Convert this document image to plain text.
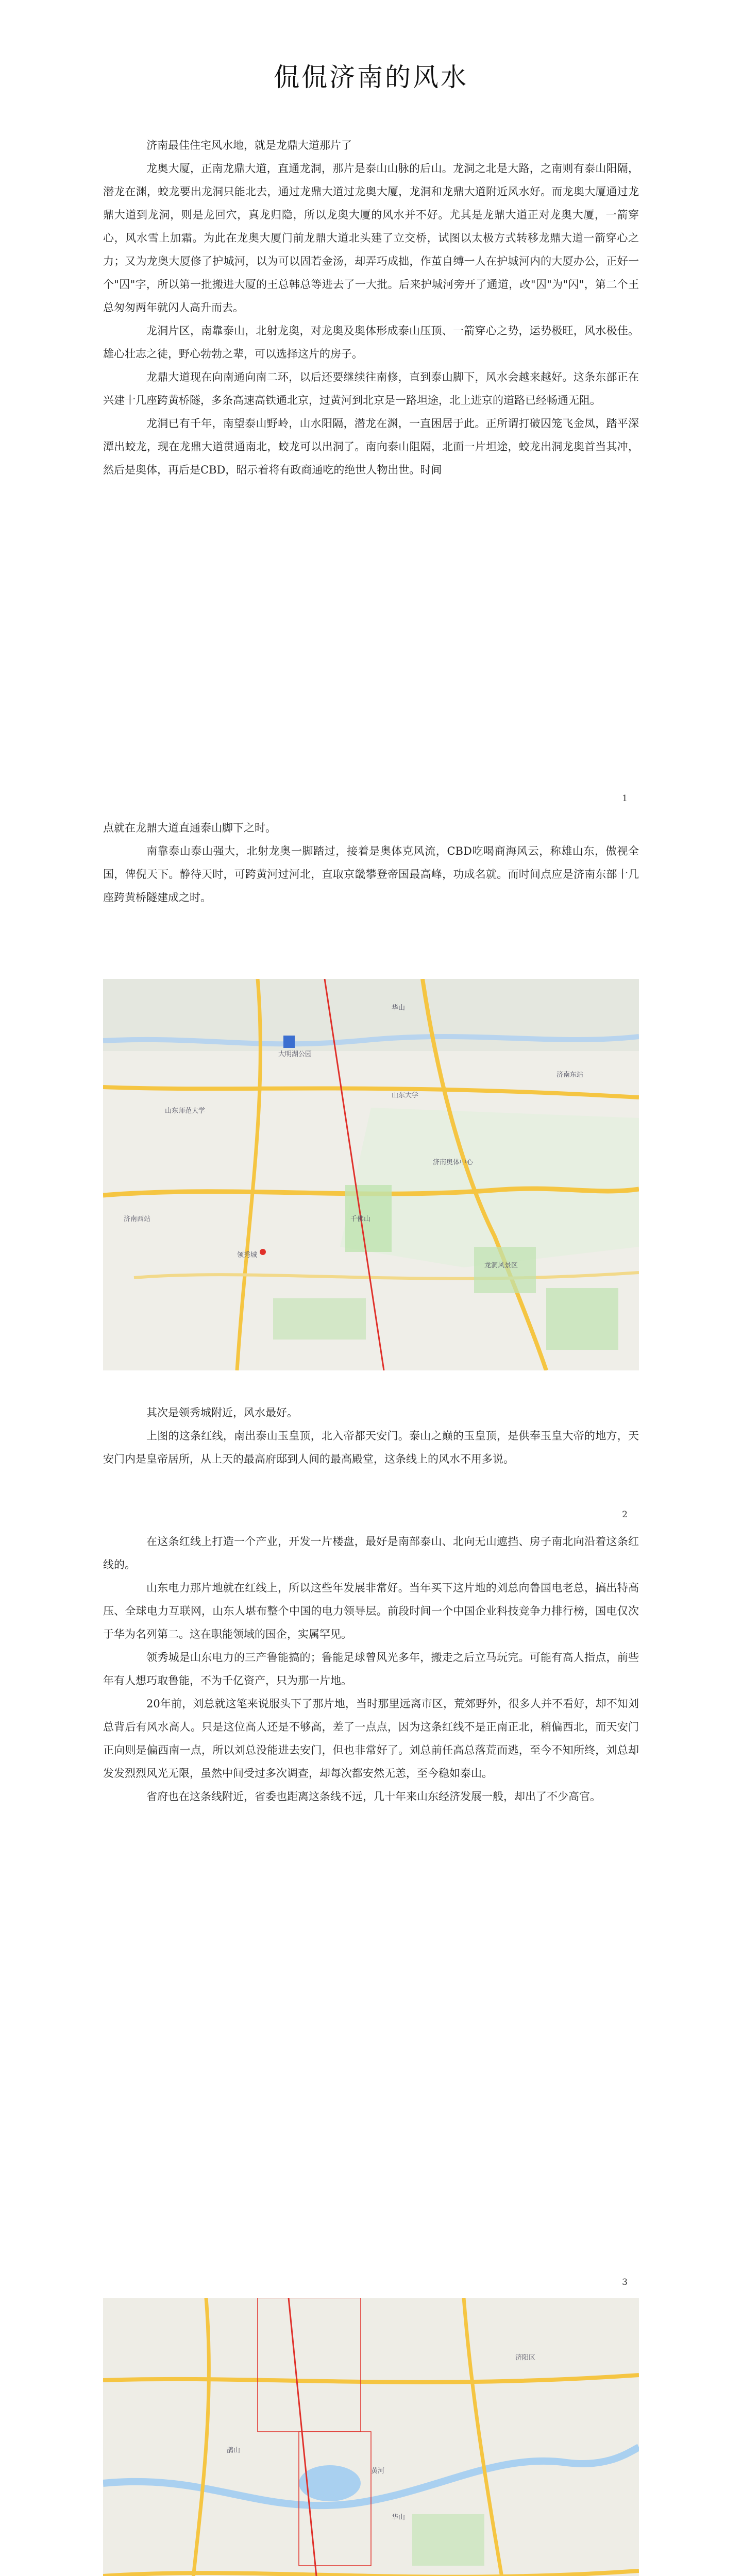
侃侃济南的风水

济南最佳住宅风水地，就是龙鼎大道那片了

龙奥大厦，正南龙鼎大道，直通龙洞，那片是泰山山脉的后山。龙洞之北是大路，之南则有泰山阳隔，潜龙在渊，蛟龙要出龙洞只能北去，通过龙鼎大道过龙奥大厦，龙洞和龙鼎大道附近风水好。而龙奥大厦通过龙鼎大道到龙洞，则是龙回穴，真龙归隐，所以龙奥大厦的风水并不好。尤其是龙鼎大道正对龙奥大厦，一箭穿心，风水雪上加霜。为此在龙奥大厦门前龙鼎大道北头建了立交桥，试图以太极方式转移龙鼎大道一箭穿心之力；又为龙奥大厦修了护城河，以为可以固若金汤，却弄巧成拙，作茧自缚一人在护城河内的大厦办公，正好一个"囚"字，所以第一批搬进大厦的王总韩总等进去了一大批。后来护城河旁开了通道，改"囚"为"闪"，第二个王总匆匆两年就闪人高升而去。

龙洞片区，南靠泰山，北射龙奥，对龙奥及奥体形成泰山压顶、一箭穿心之势，运势极旺，风水极佳。雄心壮志之徒，野心勃勃之辈，可以选择这片的房子。

龙鼎大道现在向南通向南二环，以后还要继续往南修，直到泰山脚下，风水会越来越好。这条东部正在兴建十几座跨黄桥隧，多条高速高铁通北京，过黄河到北京是一路坦途，北上进京的道路已经畅通无阻。

龙洞已有千年，南望泰山野岭，山水阳隔，潜龙在渊，一直困居于此。正所谓打破囚笼飞金凤，踏平深潭出蛟龙，现在龙鼎大道贯通南北，蛟龙可以出洞了。南向泰山阻隔，北面一片坦途，蛟龙出洞龙奥首当其冲，然后是奥体，再后是CBD，昭示着将有政商通吃的绝世人物出世。时间

1

点就在龙鼎大道直通泰山脚下之时。

南靠泰山泰山强大，北射龙奥一脚踏过，接着是奥体克风流，CBD吃喝商海风云，称雄山东，傲视全国，俾倪天下。静待天时，可跨黄河过河北，直取京畿攀登帝国最高峰，功成名就。而时间点应是济南东部十几座跨黄桥隧建成之时。

大明湖公园
山东大学
济南东站
山东师范大学
济南奥体中心
龙洞风景区
领秀城
千佛山
济南西站
华山

其次是领秀城附近，风水最好。

上图的这条红线，南出泰山玉皇顶，北入帝都天安门。泰山之巅的玉皇顶，是供奉玉皇大帝的地方，天安门内是皇帝居所，从上天的最高府邸到人间的最高殿堂，这条线上的风水不用多说。

2

在这条红线上打造一个产业，开发一片楼盘，最好是南部泰山、北向无山遮挡、房子南北向沿着这条红线的。

山东电力那片地就在红线上，所以这些年发展非常好。当年买下这片地的刘总向鲁国电老总，搞出特高压、全球电力互联网，山东人堪布整个中国的电力领导层。前段时间一个中国企业科技竞争力排行榜，国电仅次于华为名列第二。这在职能领域的国企，实属罕见。

领秀城是山东电力的三产鲁能搞的；鲁能足球曾风光多年，搬走之后立马玩完。可能有高人指点，前些年有人想巧取鲁能，不为千亿资产，只为那一片地。

20年前，刘总就这笔来说服头下了那片地，当时那里远离市区，荒郊野外，很多人并不看好，却不知刘总背后有风水高人。只是这位高人还是不够高，差了一点点，因为这条红线不是正南正北，稍偏西北，而天安门正向则是偏西南一点，所以刘总没能进去安门，但也非常好了。刘总前任高总落荒而逃，至今不知所终，刘总却发发烈烈风光无限，虽然中间受过多次调查，却每次都安然无恙，至今稳如泰山。

省府也在这条线附近，省委也距离这条线不远，几十年来山东经济发展一般，却出了不少高官。

3
黄河
鹊山
华山
济阳区
